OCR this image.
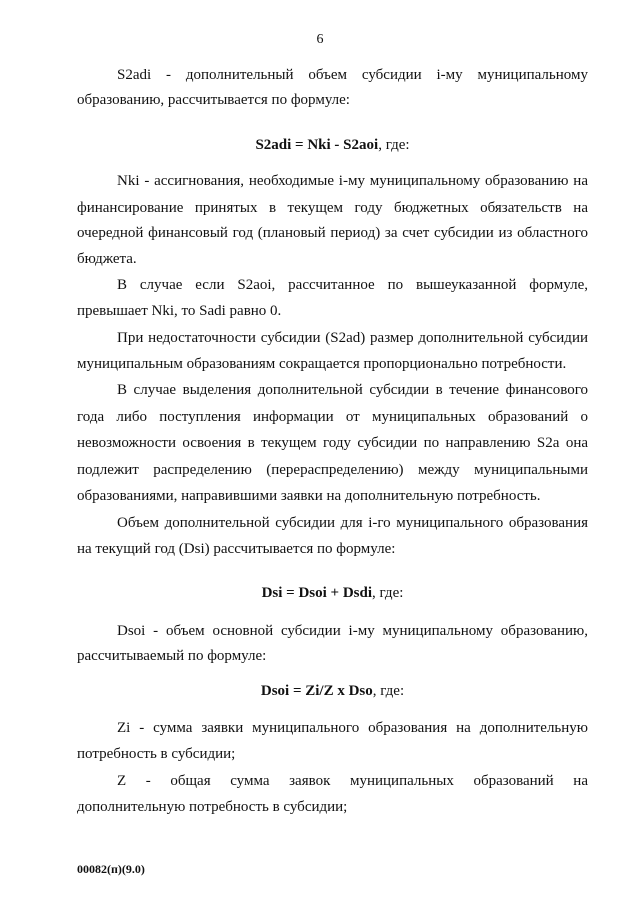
6
S2adi - дополнительный объем субсидии i-му муниципальному
образованию, рассчитывается по формуле:
S2adi = Nki - S2aoi, где:
Nki - ассигнования, необходимые i-му муниципальному образованию на
финансирование принятых в текущем году бюджетных обязательств на
очередной финансовый год (плановый период) за счет субсидии из областного
бюджета.
В случае если S2aoi, рассчитанное по вышеуказанной формуле,
превышает Nki, то Sadi равно 0.
При недостаточности субсидии (S2ad) размер дополнительной субсидии
муниципальным образованиям сокращается пропорционально потребности.
В случае выделения дополнительной субсидии в течение финансового
года либо поступления информации от муниципальных образований о
невозможности освоения в текущем году субсидии по направлению S2a она
подлежит распределению (перераспределению) между муниципальными
образованиями, направившими заявки на дополнительную потребность.
Объем дополнительной субсидии для i-го муниципального образования
на текущий год (Dsi) рассчитывается по формуле:
Dsi = Dsoi + Dsdi, где:
Dsoi - объем основной субсидии i-му муниципальному образованию,
рассчитываемый по формуле:
Dsoi = Zi/Z x Dso, где:
Zi - сумма заявки муниципального образования на дополнительную
потребность в субсидии;
Z - общая сумма заявок муниципальных образований на
дополнительную потребность в субсидии;
00082(п)(9.0)
